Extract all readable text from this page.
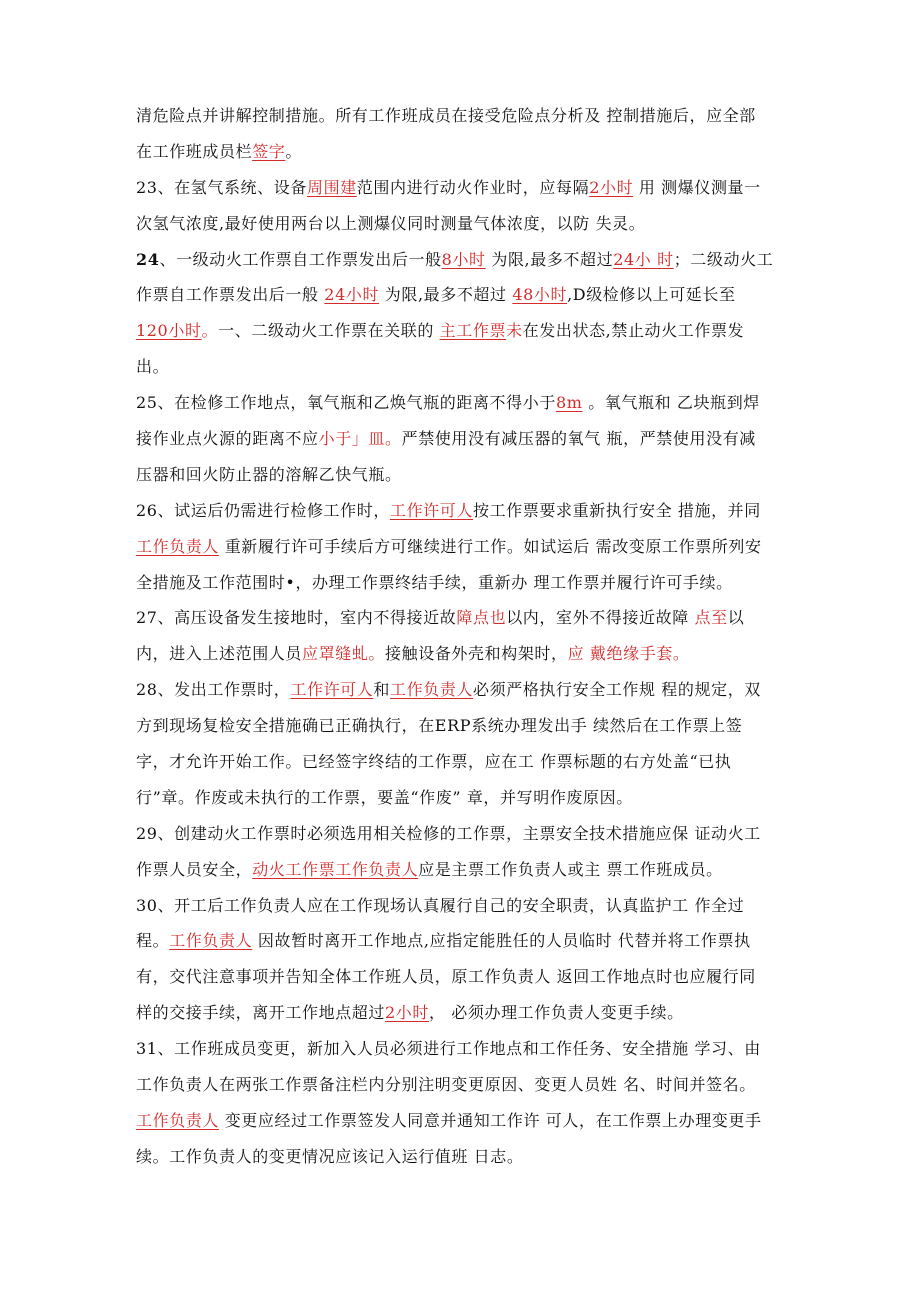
清危险点并讲解控制措施。所有工作班成员在接受危险点分析及 控制措施后，应全部
在工作班成员栏签字。
23、在氢气系统、设备周围建范围内进行动火作业时，应每隔2小时 用 测爆仪测量一
次氢气浓度,最好使用两台以上测爆仪同时测量气体浓度，以防 失灵。
24、一级动火工作票自工作票发出后一般8小时 为限,最多不超过24小 时；二级动火工
作票自工作票发出后一般 24小时 为限,最多不超过 48小时,D级检修以上可延长至
120小时。一、二级动火工作票在关联的 主工作票未在发出状态,禁止动火工作票发
出。
25、在检修工作地点，氧气瓶和乙焕气瓶的距离不得小于8m 。氧气瓶和 乙块瓶到焊
接作业点火源的距离不应小于」皿。严禁使用没有减压器的氧气 瓶，严禁使用没有减
压器和回火防止器的溶解乙快气瓶。
26、试运后仍需进行检修工作时，工作许可人按工作票要求重新执行安全 措施，并同
工作负责人 重新履行许可手续后方可继续进行工作。如试运后 需改变原工作票所列安
全措施及工作范围时•，办理工作票终结手续，重新办 理工作票并履行许可手续。
27、高压设备发生接地时，室内不得接近故障点也以内，室外不得接近故障 点至以
内，进入上述范围人员应罩缝虬。接触设备外壳和构架时，应 戴绝缘手套。
28、发出工作票时，工作许可人和工作负责人必须严格执行安全工作规 程的规定，双
方到现场复检安全措施确已正确执行，在ERP系统办理发出手 续然后在工作票上签
字，才允许开始工作。已经签字终结的工作票，应在工 作票标题的右方处盖“已执
行”章。作废或未执行的工作票，要盖“作废” 章，并写明作废原因。
29、创建动火工作票时必须选用相关检修的工作票，主票安全技术措施应保 证动火工
作票人员安全，动火工作票工作负责人应是主票工作负责人或主 票工作班成员。
30、开工后工作负责人应在工作现场认真履行自己的安全职责，认真监护工 作全过
程。工作负责人 因故暂时离开工作地点,应指定能胜任的人员临时 代替并将工作票执
有，交代注意事项并告知全体工作班人员，原工作负责人 返回工作地点时也应履行同
样的交接手续，离开工作地点超过2小时， 必须办理工作负责人变更手续。
31、工作班成员变更，新加入人员必须进行工作地点和工作任务、安全措施 学习、由
工作负责人在两张工作票备注栏内分别注明变更原因、变更人员姓 名、时间并签名。
工作负责人 变更应经过工作票签发人同意并通知工作许 可人，在工作票上办理变更手
续。工作负责人的变更情况应该记入运行值班 日志。
